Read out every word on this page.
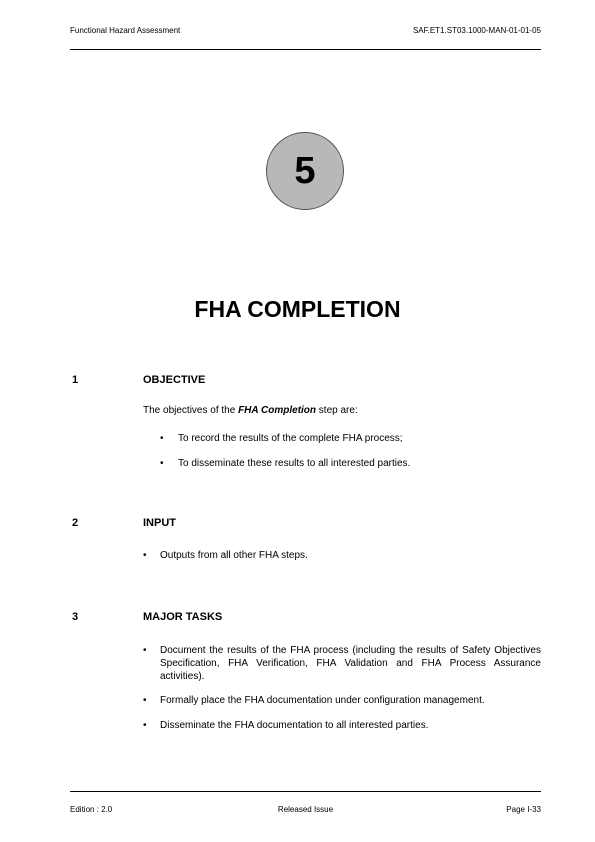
Functional Hazard Assessment	SAF.ET1.ST03.1000-MAN-01-01-05
5
FHA COMPLETION
1	OBJECTIVE
The objectives of the FHA Completion step are:
• To record the results of the complete FHA process;
• To disseminate these results to all interested parties.
2	INPUT
• Outputs from all other FHA steps.
3	MAJOR TASKS
• Document the results of the FHA process (including the results of Safety Objectives Specification, FHA Verification, FHA Validation and FHA Process Assurance activities).
• Formally place the FHA documentation under configuration management.
• Disseminate the FHA documentation to all interested parties.
Edition : 2.0	Released Issue	Page I-33
